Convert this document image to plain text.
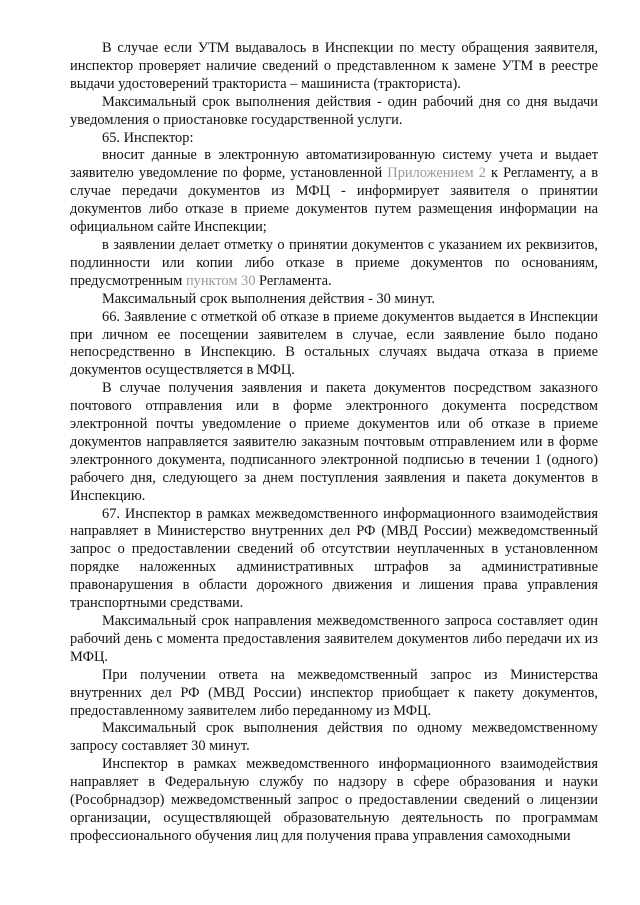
В случае если УТМ выдавалось в Инспекции по месту обращения заявителя, инспектор проверяет наличие сведений о представленном к замене УТМ в реестре выдачи удостоверений тракториста – машиниста (тракториста).

Максимальный срок выполнения действия - один рабочий дня со дня выдачи уведомления о приостановке государственной услуги.

65. Инспектор:

вносит данные в электронную автоматизированную систему учета и выдает заявителю уведомление по форме, установленной Приложением 2 к Регламенту, а в случае передачи документов из МФЦ - информирует заявителя о принятии документов либо отказе в приеме документов путем размещения информации на официальном сайте Инспекции;

в заявлении делает отметку о принятии документов с указанием их реквизитов, подлинности или копии либо отказе в приеме документов по основаниям, предусмотренным пунктом 30 Регламента.

Максимальный срок выполнения действия - 30 минут.

66. Заявление с отметкой об отказе в приеме документов выдается в Инспекции при личном ее посещении заявителем в случае, если заявление было подано непосредственно в Инспекцию. В остальных случаях выдача отказа в приеме документов осуществляется в МФЦ.

В случае получения заявления и пакета документов посредством заказного почтового отправления или в форме электронного документа посредством электронной почты уведомление о приеме документов или об отказе в приеме документов направляется заявителю заказным почтовым отправлением или в форме электронного документа, подписанного электронной подписью в течении 1 (одного) рабочего дня, следующего за днем поступления заявления и пакета документов в Инспекцию.

67. Инспектор в рамках межведомственного информационного взаимодействия направляет в Министерство внутренних дел РФ (МВД России) межведомственный запрос о предоставлении сведений об отсутствии неуплаченных в установленном порядке наложенных административных штрафов за административные правонарушения в области дорожного движения и лишения права управления транспортными средствами.

Максимальный срок направления межведомственного запроса составляет один рабочий день с момента предоставления заявителем документов либо передачи их из МФЦ.

При получении ответа на межведомственный запрос из Министерства внутренних дел РФ (МВД России) инспектор приобщает к пакету документов, предоставленному заявителем либо переданному из МФЦ.

Максимальный срок выполнения действия по одному межведомственному запросу составляет 30 минут.

Инспектор в рамках межведомственного информационного взаимодействия направляет в Федеральную службу по надзору в сфере образования и науки (Рособрнадзор) межведомственный запрос о предоставлении сведений о лицензии организации, осуществляющей образовательную деятельность по программам профессионального обучения лиц для получения права управления самоходными
